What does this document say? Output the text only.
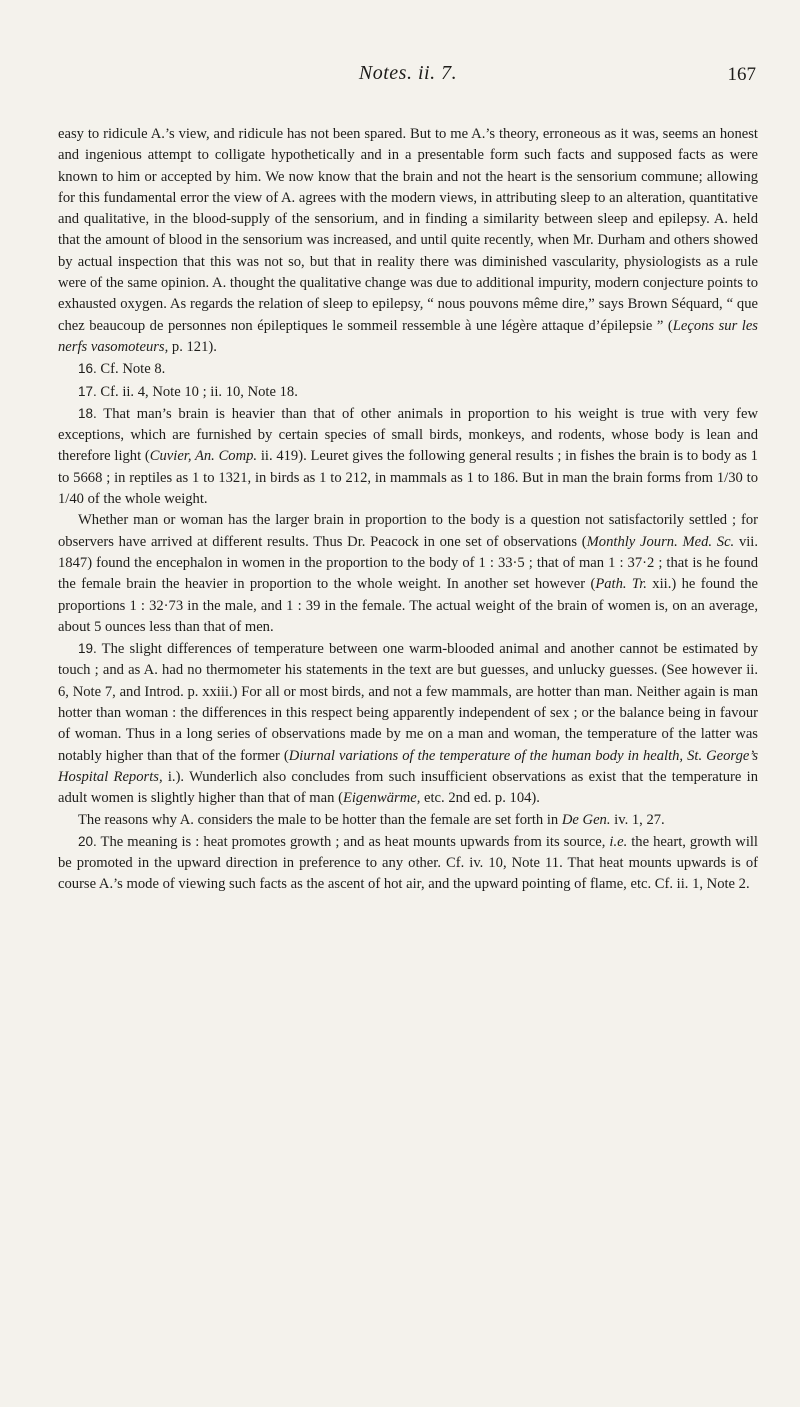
Notes. ii. 7.	167

easy to ridicule A.’s view, and ridicule has not been spared. But to me A.’s theory, erroneous as it was, seems an honest and ingenious attempt to colligate hypothetically and in a presentable form such facts and supposed facts as were known to him or accepted by him. We now know that the brain and not the heart is the sensorium commune; allowing for this fundamental error the view of A. agrees with the modern views, in attributing sleep to an alteration, quantitative and qualitative, in the blood-supply of the sensorium, and in finding a similarity between sleep and epilepsy. A. held that the amount of blood in the sensorium was increased, and until quite recently, when Mr. Durham and others showed by actual inspection that this was not so, but that in reality there was diminished vascularity, physiologists as a rule were of the same opinion. A. thought the qualitative change was due to additional impurity, modern conjecture points to exhausted oxygen. As regards the relation of sleep to epilepsy, “ nous pouvons même dire,” says Brown Séquard, “ que chez beaucoup de personnes non épileptiques le sommeil ressemble à une légère attaque d’épilepsie ” (Leçons sur les nerfs vasomoteurs, p. 121).

16. Cf. Note 8.

17. Cf. ii. 4, Note 10 ; ii. 10, Note 18.

18. That man’s brain is heavier than that of other animals in proportion to his weight is true with very few exceptions, which are furnished by certain species of small birds, monkeys, and rodents, whose body is lean and therefore light (Cuvier, An. Comp. ii. 419). Leuret gives the following general results ; in fishes the brain is to body as 1 to 5668 ; in reptiles as 1 to 1321, in birds as 1 to 212, in mammals as 1 to 186. But in man the brain forms from 1/30 to 1/40 of the whole weight.

Whether man or woman has the larger brain in proportion to the body is a question not satisfactorily settled ; for observers have arrived at different results. Thus Dr. Peacock in one set of observations (Monthly Journ. Med. Sc. vii. 1847) found the encephalon in women in the proportion to the body of 1 : 33·5 ; that of man 1 : 37·2 ; that is he found the female brain the heavier in proportion to the whole weight. In another set however (Path. Tr. xii.) he found the proportions 1 : 32·73 in the male, and 1 : 39 in the female. The actual weight of the brain of women is, on an average, about 5 ounces less than that of men.

19. The slight differences of temperature between one warm-blooded animal and another cannot be estimated by touch ; and as A. had no thermometer his statements in the text are but guesses, and unlucky guesses. (See however ii. 6, Note 7, and Introd. p. xxiii.) For all or most birds, and not a few mammals, are hotter than man. Neither again is man hotter than woman : the differences in this respect being apparently independent of sex ; or the balance being in favour of woman. Thus in a long series of observations made by me on a man and woman, the temperature of the latter was notably higher than that of the former (Diurnal variations of the temperature of the human body in health, St. George’s Hospital Reports, i.). Wunderlich also concludes from such insufficient observations as exist that the temperature in adult women is slightly higher than that of man (Eigenwärme, etc. 2nd ed. p. 104).

The reasons why A. considers the male to be hotter than the female are set forth in De Gen. iv. 1, 27.

20. The meaning is : heat promotes growth ; and as heat mounts upwards from its source, i.e. the heart, growth will be promoted in the upward direction in preference to any other. Cf. iv. 10, Note 11. That heat mounts upwards is of course A.’s mode of viewing such facts as the ascent of hot air, and the upward pointing of flame, etc. Cf. ii. 1, Note 2.
